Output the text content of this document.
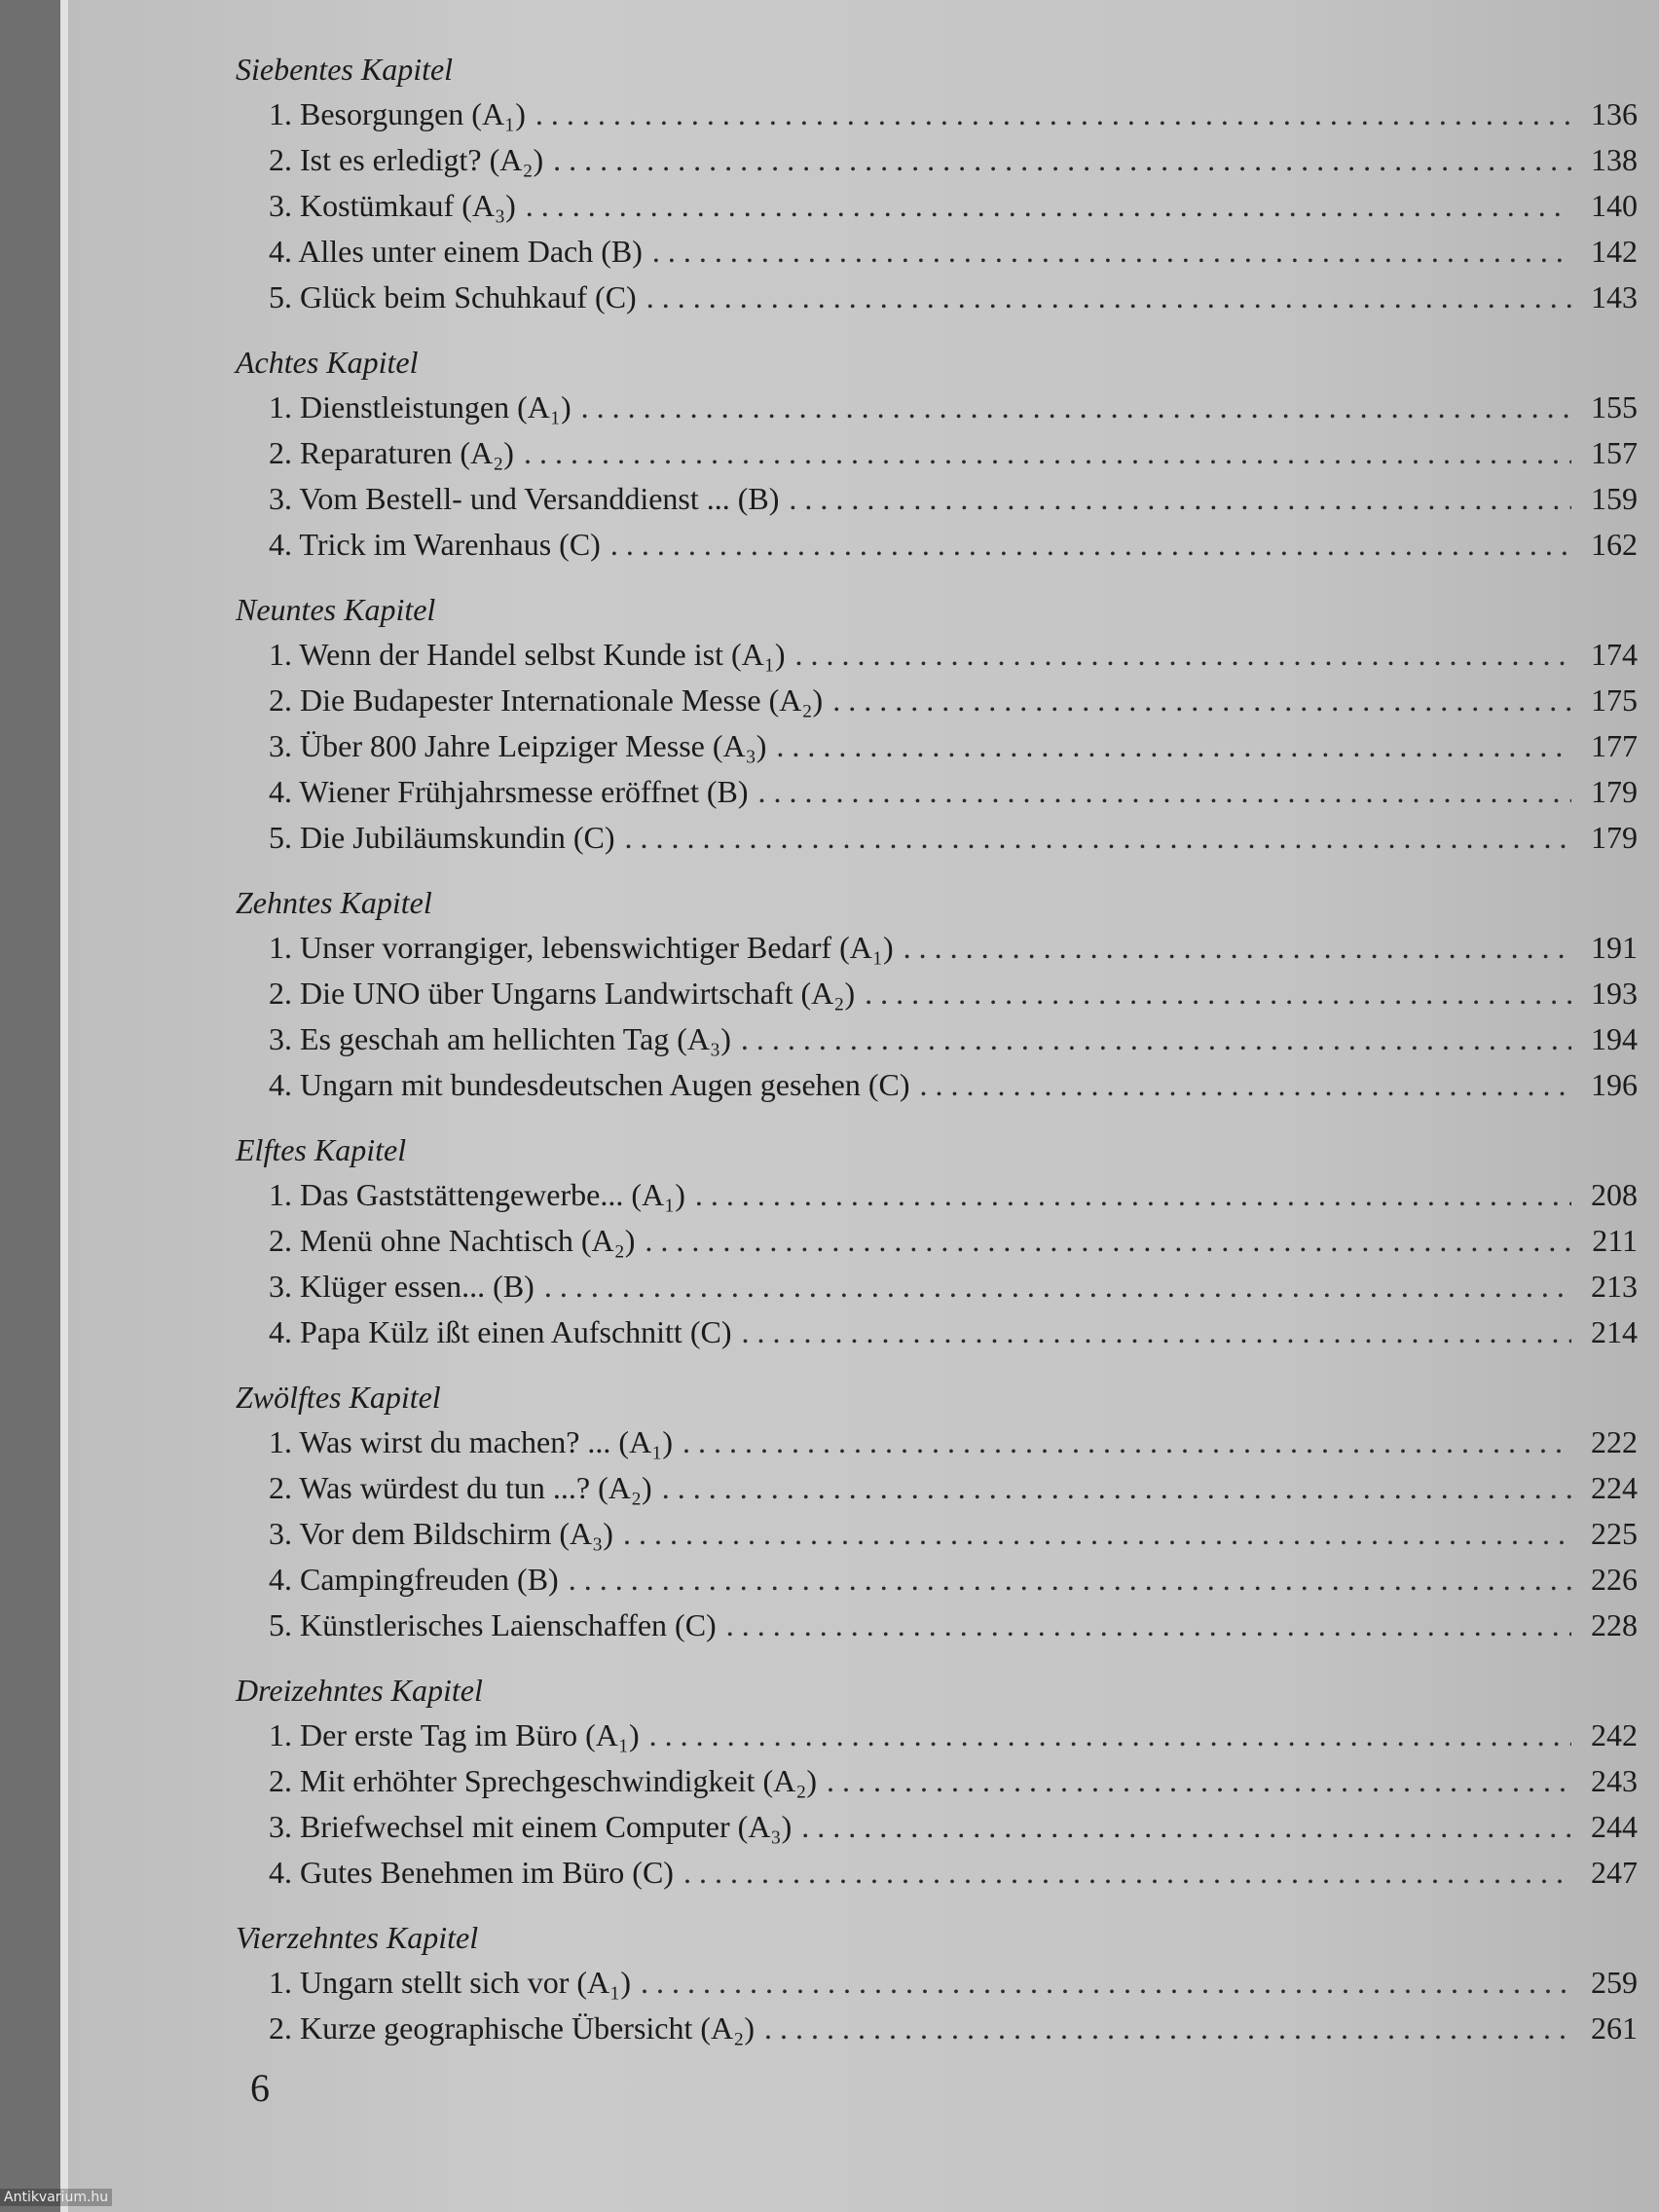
Siebentes Kapitel
1. Besorgungen (A₁) . . .	136
2. Ist es erledigt? (A₂) . . .	138
3. Kostümkauf (A₃) . . .	140
4. Alles unter einem Dach (B) . . .	142
5. Glück beim Schuhkauf (C) . . .	143
Achtes Kapitel
1. Dienstleistungen (A₁) . . .	155
2. Reparaturen (A₂) . . .	157
3. Vom Bestell- und Versanddienst ... (B) . . .	159
4. Trick im Warenhaus (C) . . .	162
Neuntes Kapitel
1. Wenn der Handel selbst Kunde ist (A₁) . . .	174
2. Die Budapester Internationale Messe (A₂) . . .	175
3. Über 800 Jahre Leipziger Messe (A₃) . . .	177
4. Wiener Frühjahrsmesse eröffnet (B) . . .	179
5. Die Jubiläumskundin (C) . . .	179
Zehntes Kapitel
1. Unser vorrangiger, lebenswichtiger Bedarf (A₁) . . .	191
2. Die UNO über Ungarns Landwirtschaft (A₂) . . .	193
3. Es geschah am hellichten Tag (A₃) . . .	194
4. Ungarn mit bundesdeutschen Augen gesehen (C) . . .	196
Elftes Kapitel
1. Das Gaststättengewerbe... (A₁) . . .	208
2. Menü ohne Nachtisch (A₂) . . .	211
3. Klüger essen... (B) . . .	213
4. Papa Külz ißt einen Aufschnitt (C) . . .	214
Zwölftes Kapitel
1. Was wirst du machen? ... (A₁) . . .	222
2. Was würdest du tun ...? (A₂) . . .	224
3. Vor dem Bildschirm (A₃) . . .	225
4. Campingfreuden (B) . . .	226
5. Künstlerisches Laienschaffen (C) . . .	228
Dreizehntes Kapitel
1. Der erste Tag im Büro (A₁) . . .	242
2. Mit erhöhter Sprechgeschwindigkeit (A₂) . . .	243
3. Briefwechsel mit einem Computer (A₃) . . .	244
4. Gutes Benehmen im Büro (C) . . .	247
Vierzehntes Kapitel
1. Ungarn stellt sich vor (A₁) . . .	259
2. Kurze geographische Übersicht (A₂) . . .	261
6
Antikvarium.hu
